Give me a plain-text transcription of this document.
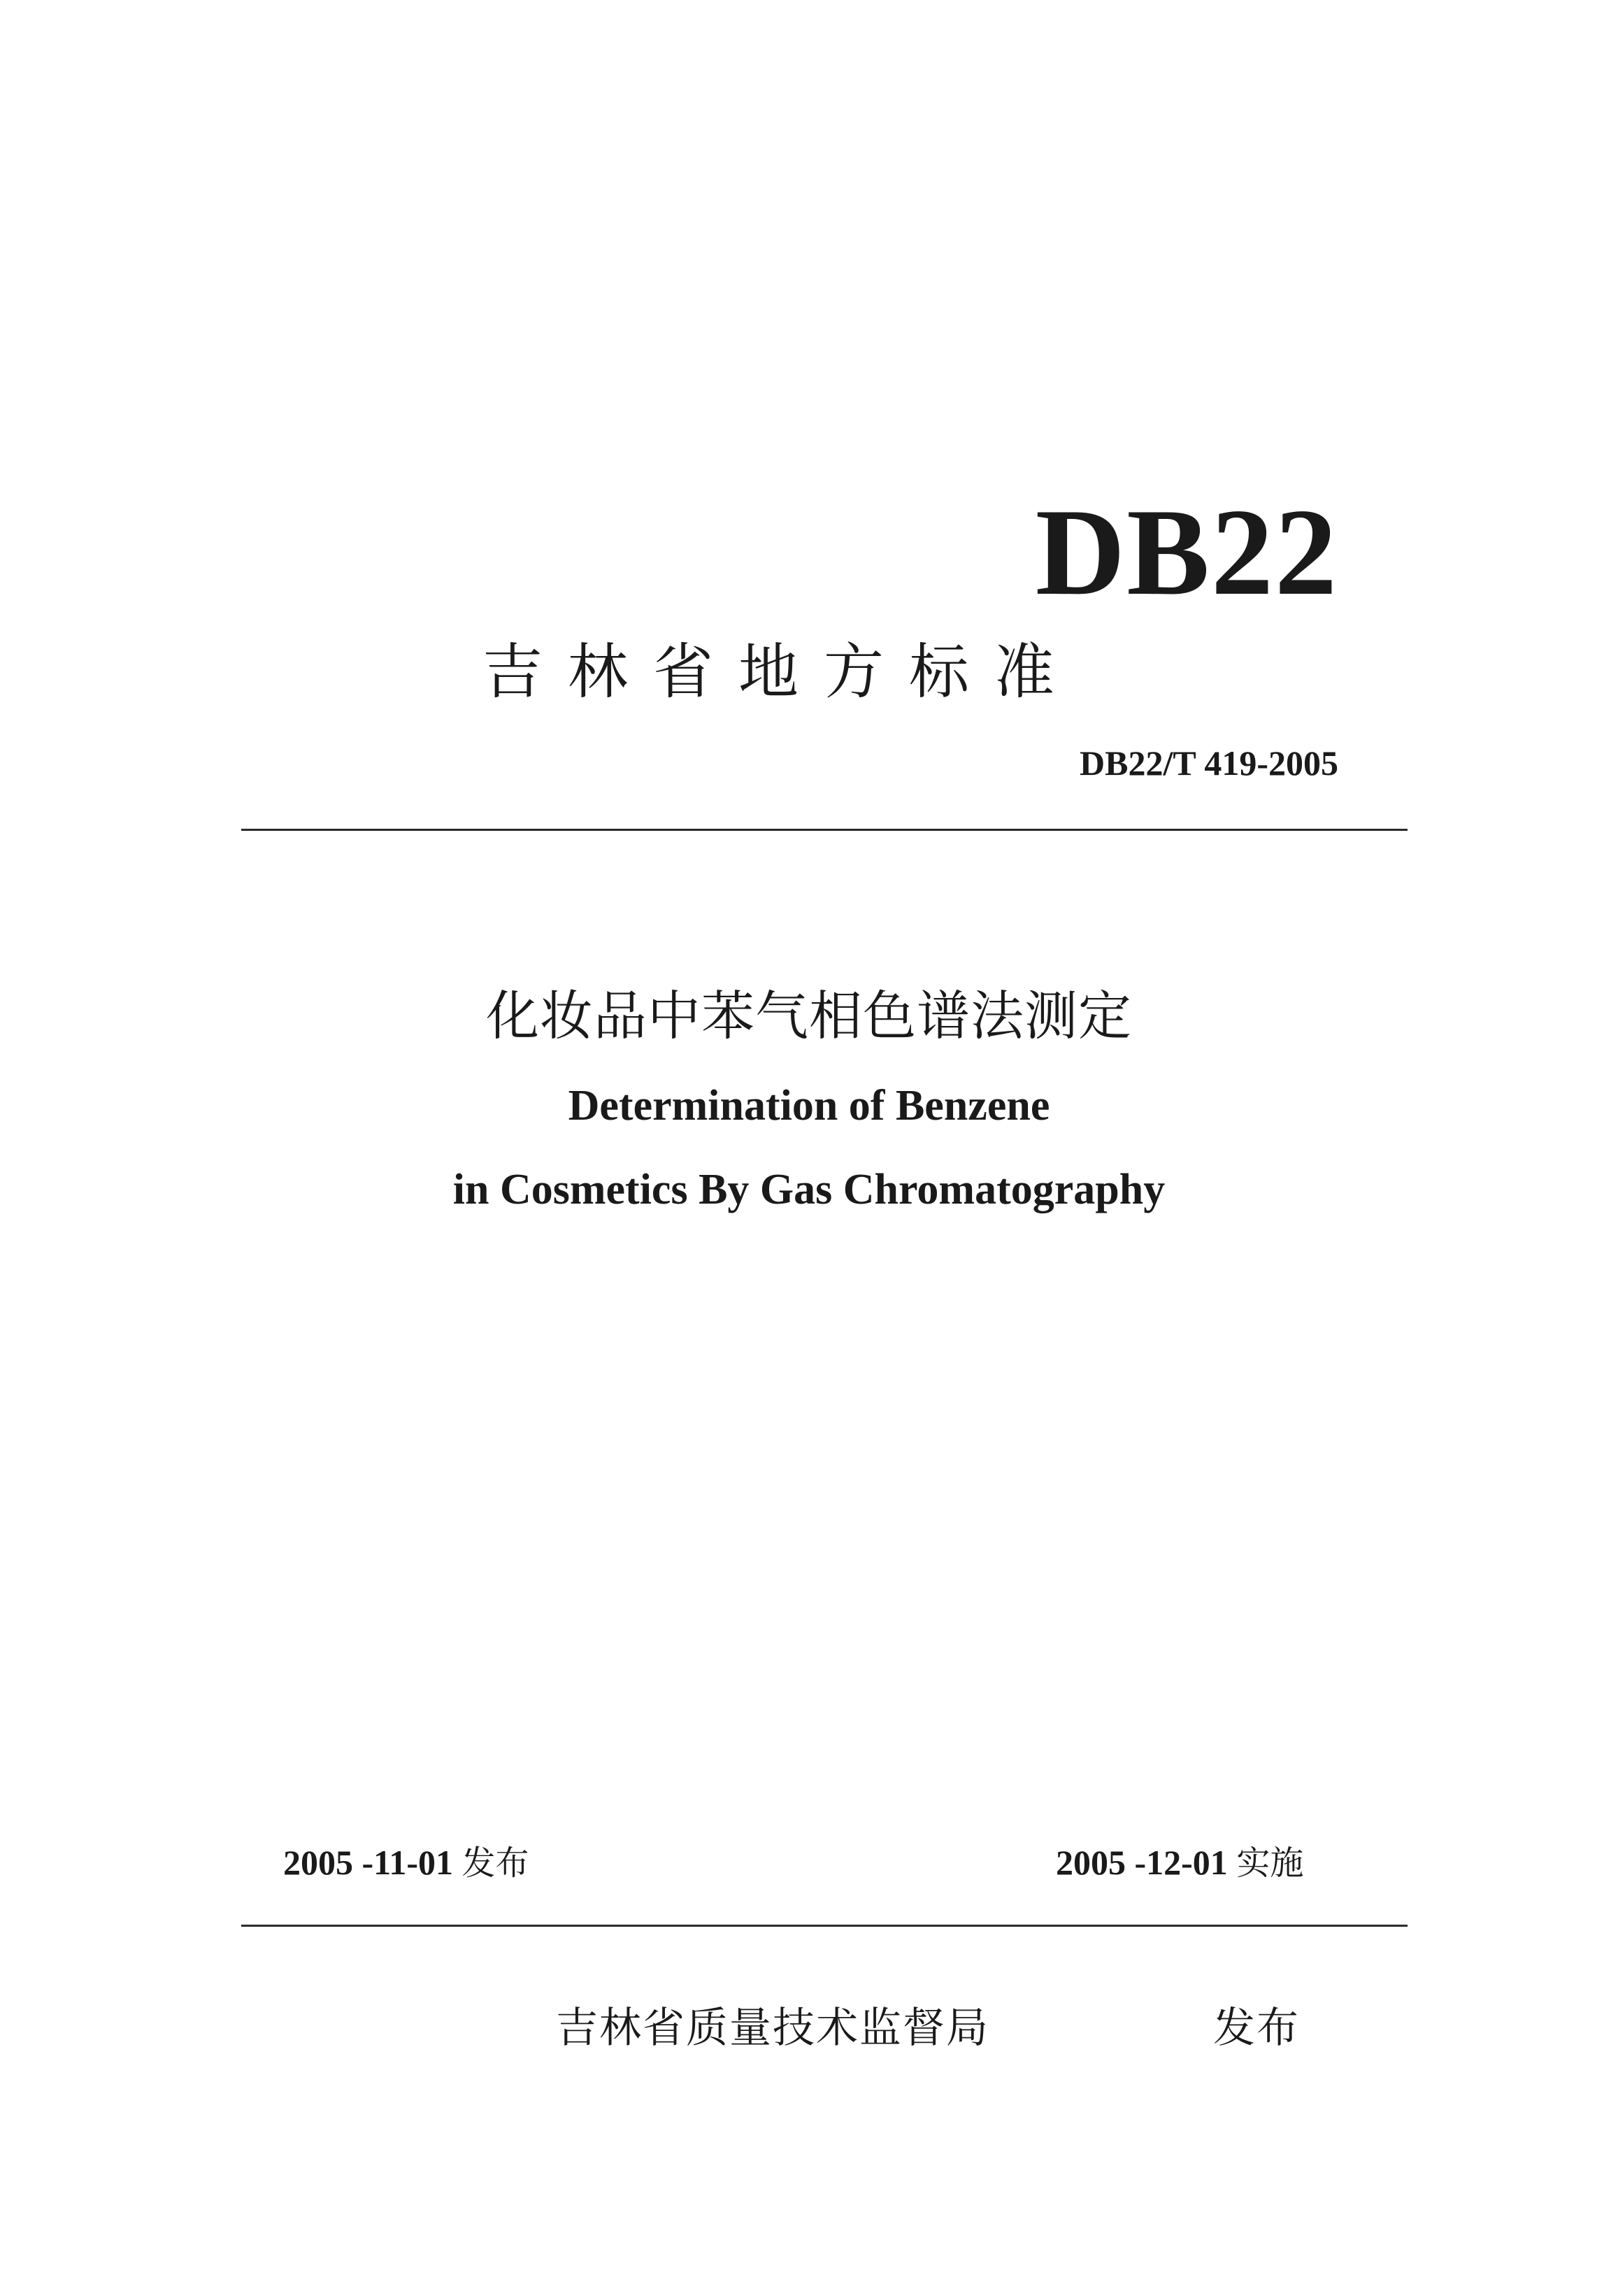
DB22
吉林省地方标准
DB22/T 419-2005
化妆品中苯气相色谱法测定
Determination of Benzene
in Cosmetics By Gas Chromatography
2005 -11-01 发布	2005 -12-01 实施
吉林省质量技术监督局	发布
